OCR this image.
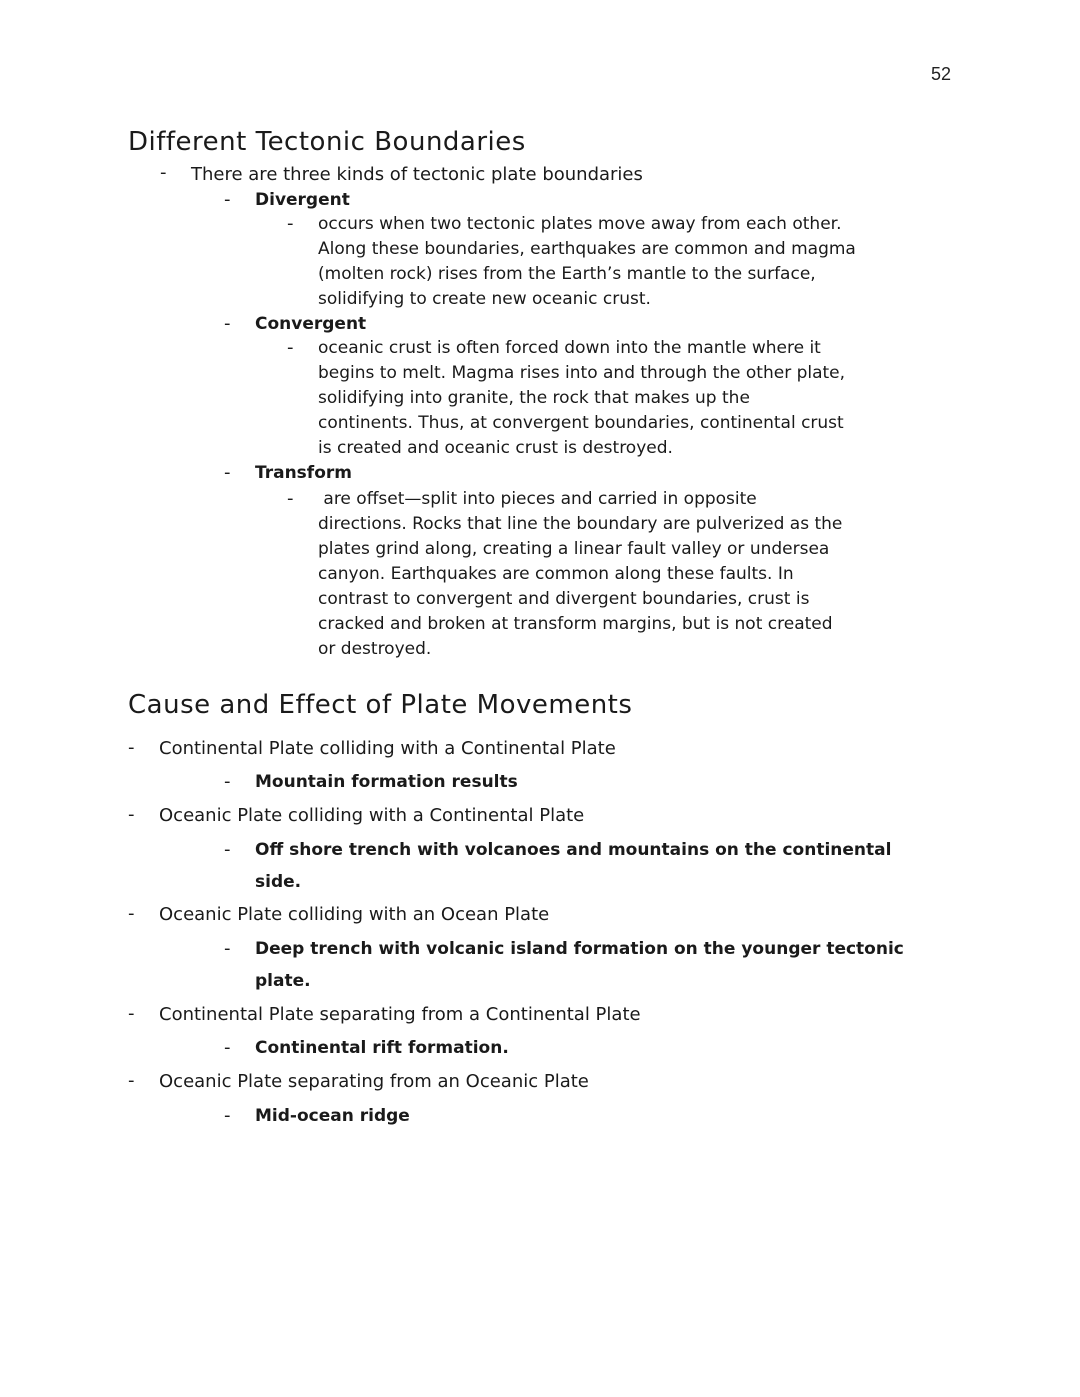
52
Different Tectonic Boundaries
- There are three kinds of tectonic plate boundaries
- Divergent
- occurs when two tectonic plates move away from each other.
Along these boundaries, earthquakes are common and magma
(molten rock) rises from the Earth’s mantle to the surface,
solidifying to create new oceanic crust.
- Convergent
- oceanic crust is often forced down into the mantle where it
begins to melt. Magma rises into and through the other plate,
solidifying into granite, the rock that makes up the
continents. Thus, at convergent boundaries, continental crust
is created and oceanic crust is destroyed.
- Transform
- are offset—split into pieces and carried in opposite
directions. Rocks that line the boundary are pulverized as the
plates grind along, creating a linear fault valley or undersea
canyon. Earthquakes are common along these faults. In
contrast to convergent and divergent boundaries, crust is
cracked and broken at transform margins, but is not created
or destroyed.
Cause and Effect of Plate Movements
- Continental Plate colliding with a Continental Plate
- Mountain formation results
- Oceanic Plate colliding with a Continental Plate
- Off shore trench with volcanoes and mountains on the continental
side.
- Oceanic Plate colliding with an Ocean Plate
- Deep trench with volcanic island formation on the younger tectonic
plate.
- Continental Plate separating from a Continental Plate
- Continental rift formation.
- Oceanic Plate separating from an Oceanic Plate
- Mid-ocean ridge
